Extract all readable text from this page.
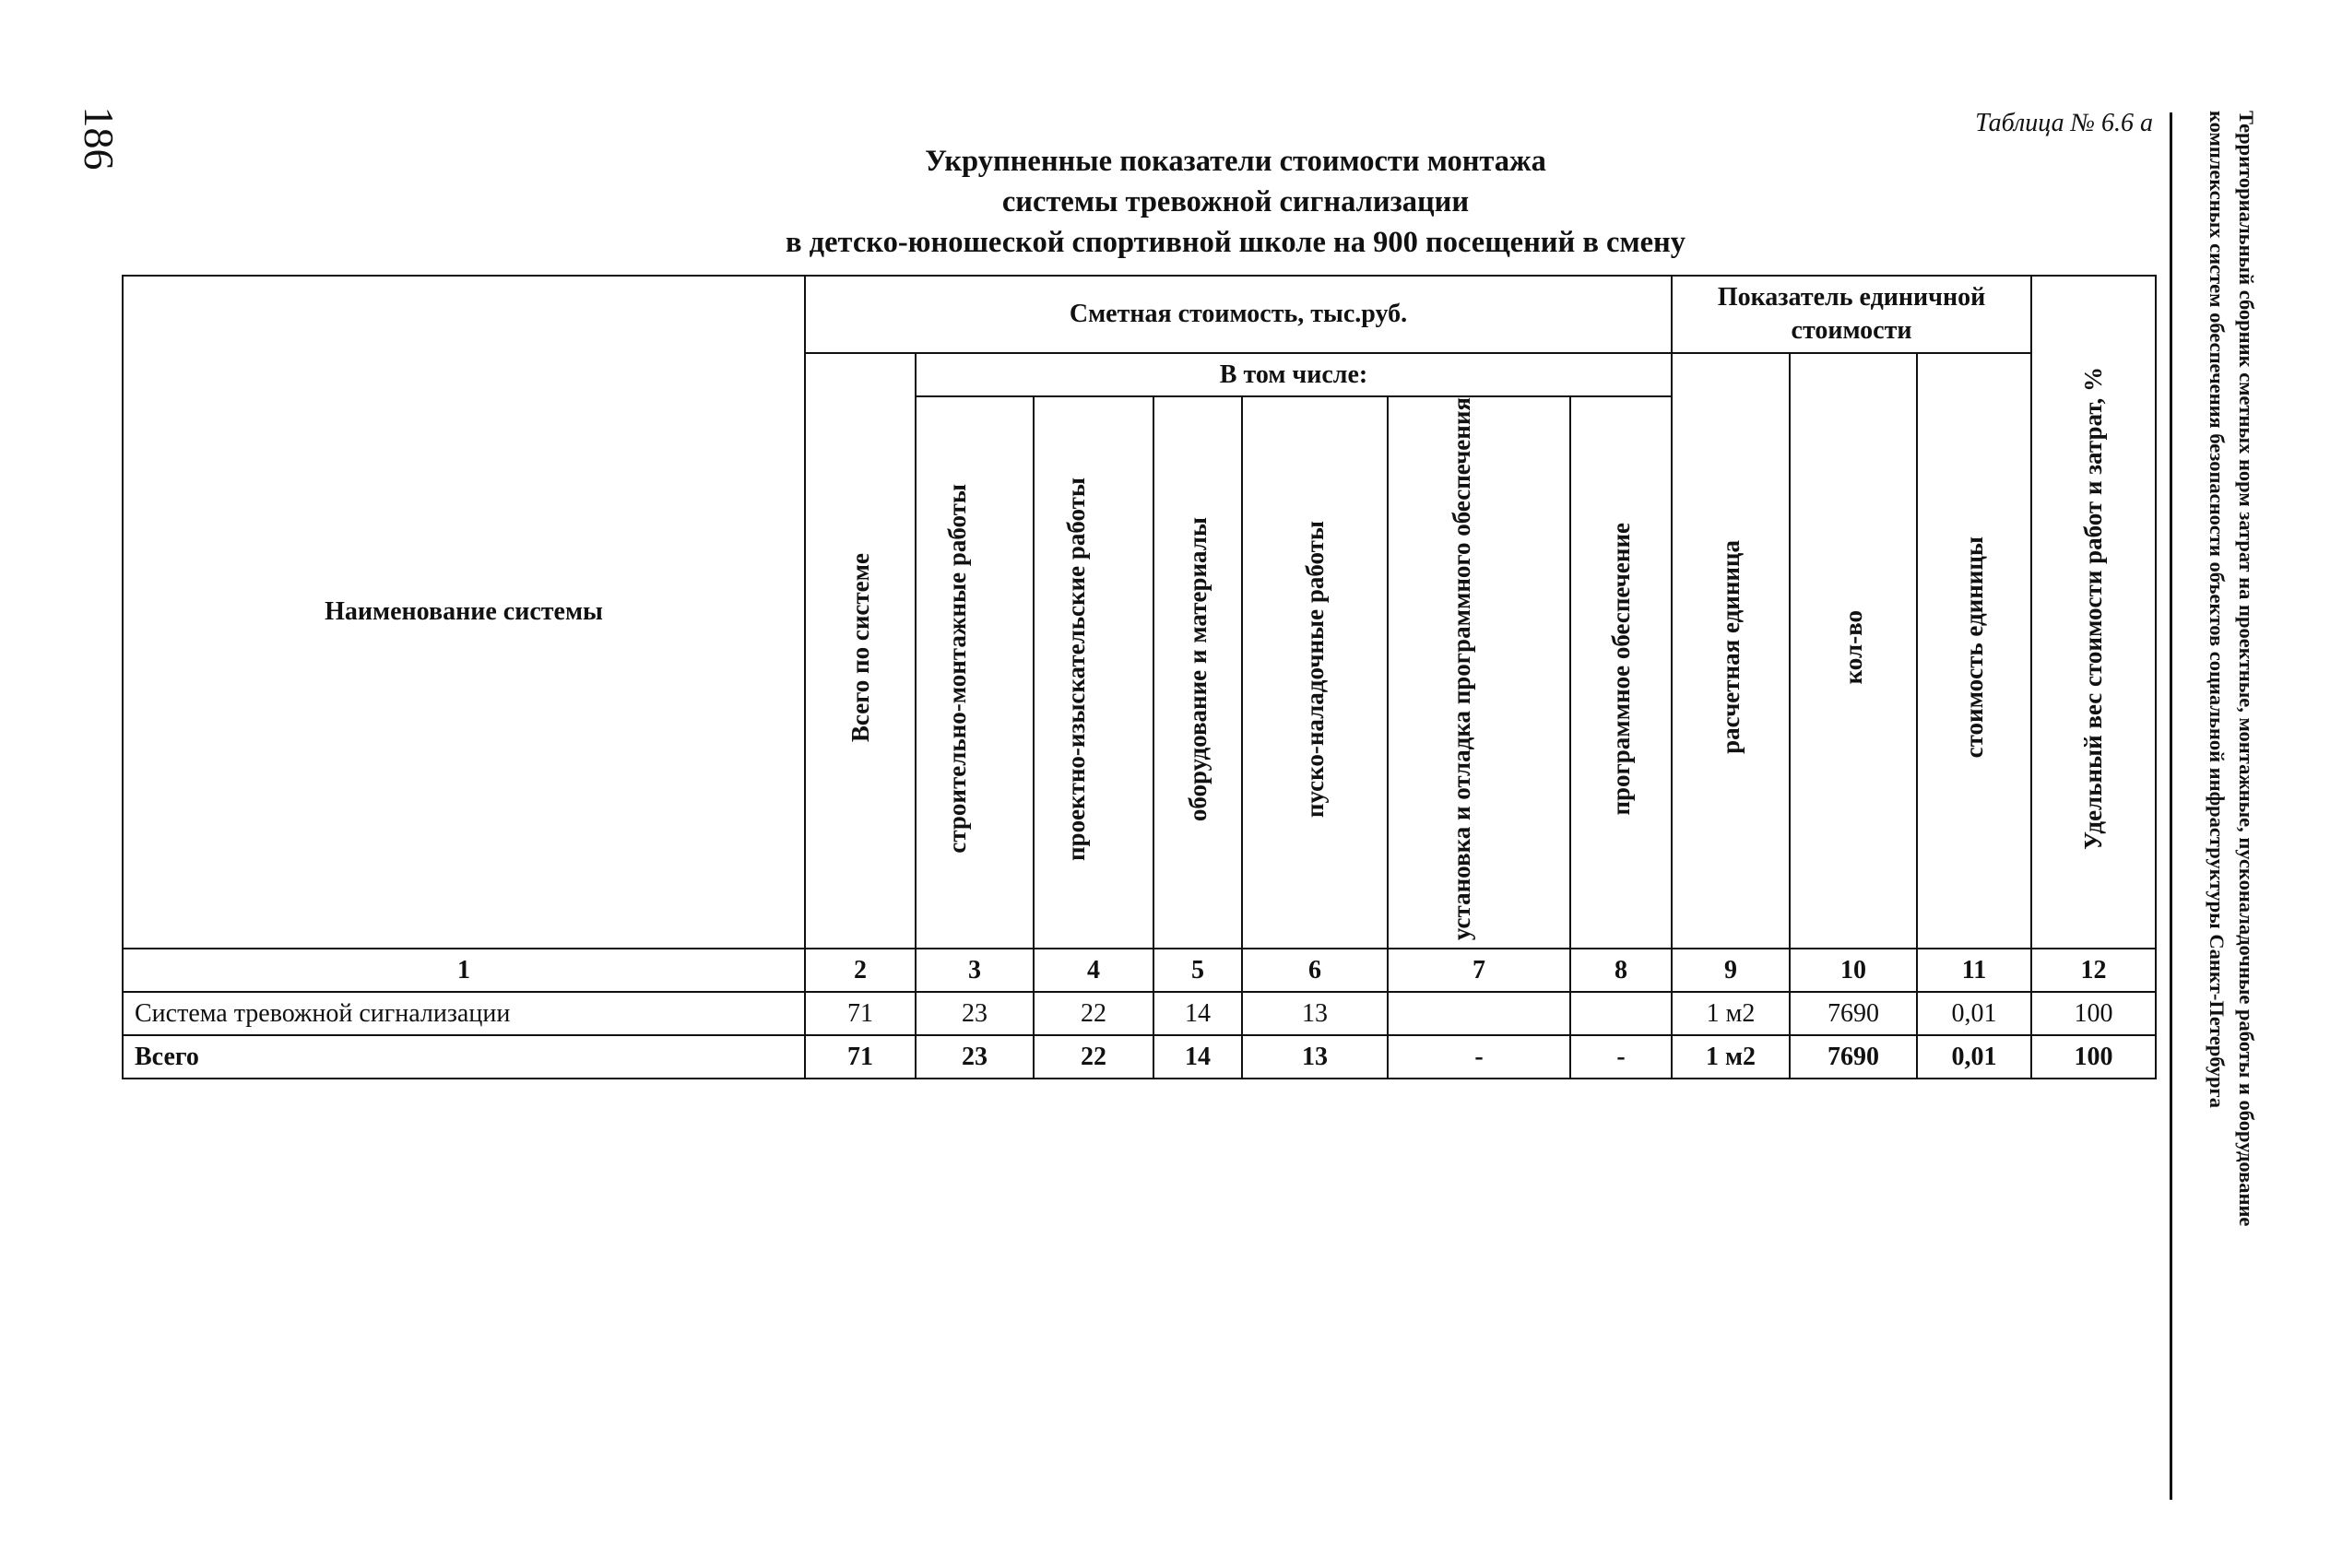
186	Таблица № 6.6 а
Укрупненные показатели стоимости монтажа
системы тревожной сигнализации
в детско-юношеской спортивной школе на 900 посещений в смену	Территориальный сборник сметных норм затрат на проектные, монтажные, пусконаладочные работы и оборудование
комплексных систем обеспечения безопасности объектов социальной инфраструктуры Санкт-Петербурга
Наименование системы	Сметная стоимость, тыс.руб.							Показатель единичной стоимости			Удельный вес стоимости работ и затрат, %
	Всего по системе	В том числе:						расчетная единица	кол-во	стоимость единицы	
		строительно-монтажные работы	проектно-изыскательские работы	оборудование и материалы	пуско-наладочные работы	установка и отладка программного обеспечения	программное обеспечение				
1	2	3	4	5	6	7	8	9	10	11	12
Система тревожной сигнализации	71	23	22	14	13			1 м2	7690	0,01	100
Всего	71	23	22	14	13	-	-	1 м2	7690	0,01	100
